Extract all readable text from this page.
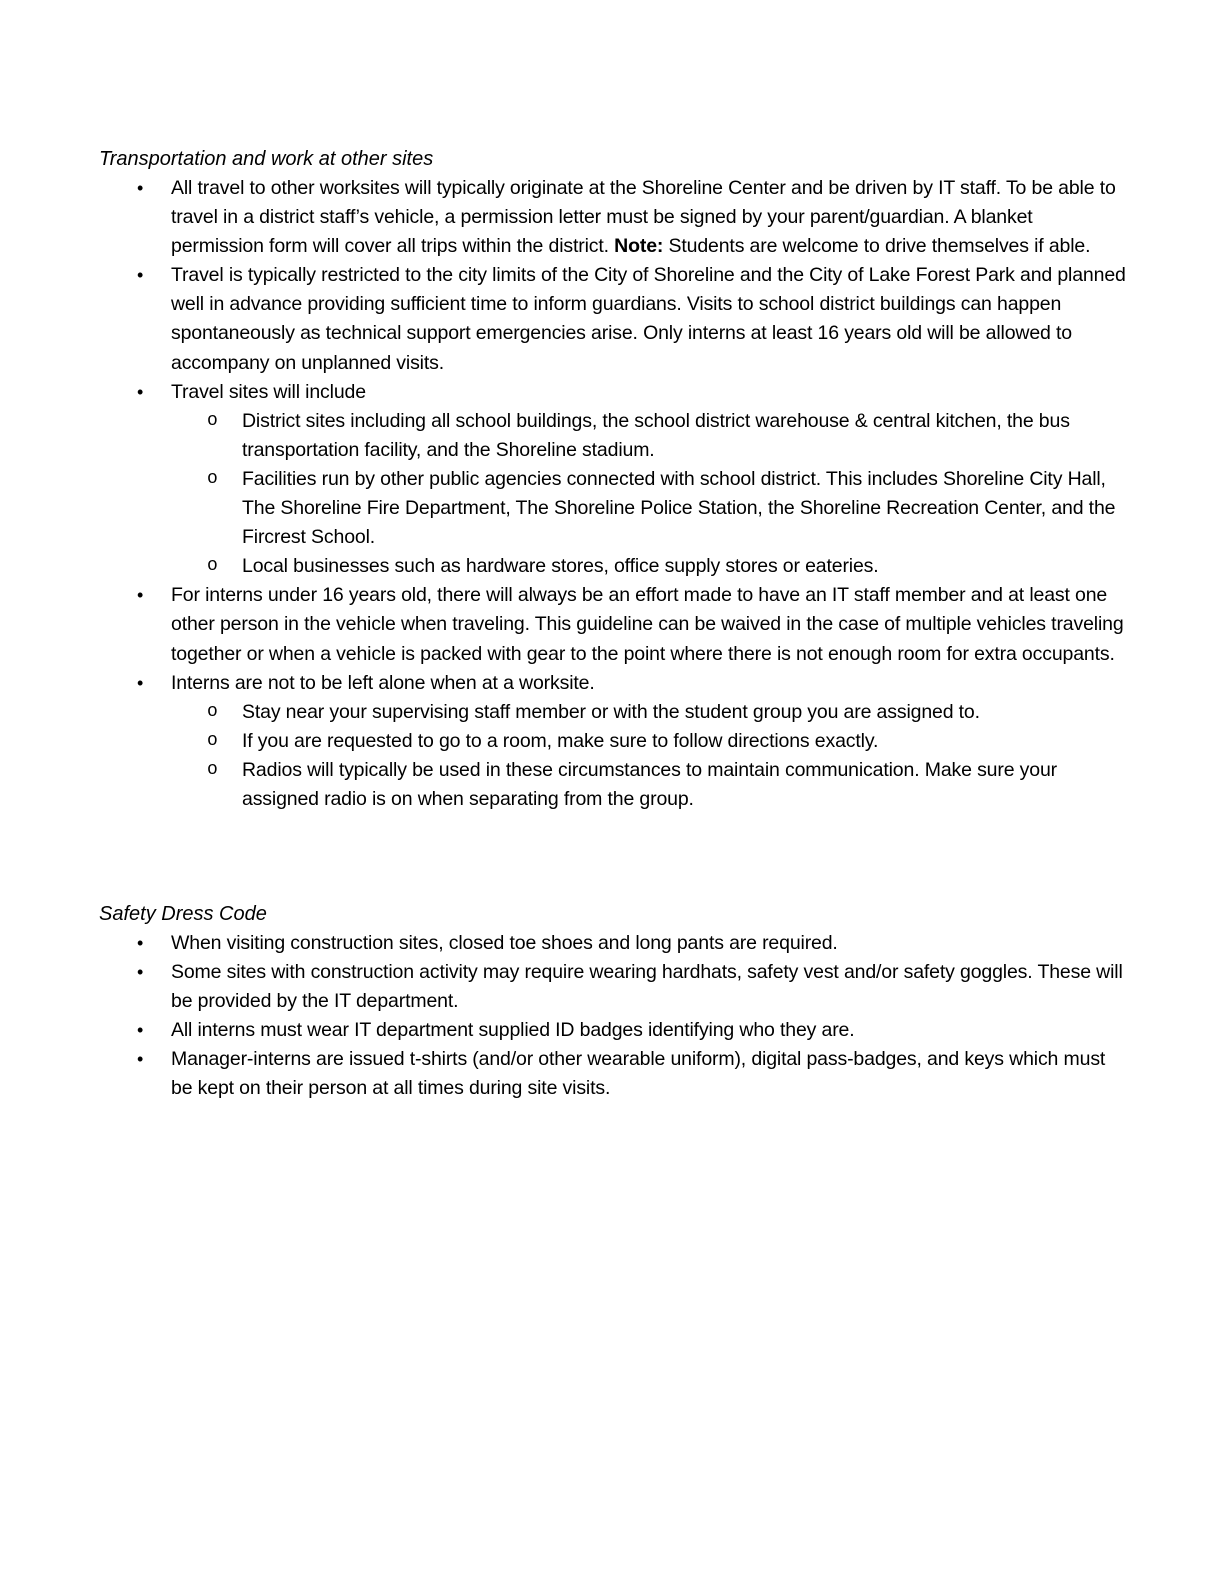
Transportation and work at other sites

• All travel to other worksites will typically originate at the Shoreline Center and be driven by IT staff. To be able to travel in a district staff’s vehicle, a permission letter must be signed by your parent/guardian. A blanket permission form will cover all trips within the district. Note: Students are welcome to drive themselves if able.
• Travel is typically restricted to the city limits of the City of Shoreline and the City of Lake Forest Park and planned well in advance providing sufficient time to inform guardians. Visits to school district buildings can happen spontaneously as technical support emergencies arise. Only interns at least 16 years old will be allowed to accompany on unplanned visits.
• Travel sites will include
o District sites including all school buildings, the school district warehouse & central kitchen, the bus transportation facility, and the Shoreline stadium.
o Facilities run by other public agencies connected with school district. This includes Shoreline City Hall, The Shoreline Fire Department, The Shoreline Police Station, the Shoreline Recreation Center, and the Fircrest School.
o Local businesses such as hardware stores, office supply stores or eateries.
• For interns under 16 years old, there will always be an effort made to have an IT staff member and at least one other person in the vehicle when traveling. This guideline can be waived in the case of multiple vehicles traveling together or when a vehicle is packed with gear to the point where there is not enough room for extra occupants.
• Interns are not to be left alone when at a worksite.
o Stay near your supervising staff member or with the student group you are assigned to.
o If you are requested to go to a room, make sure to follow directions exactly.
o Radios will typically be used in these circumstances to maintain communication. Make sure your assigned radio is on when separating from the group.

Safety Dress Code

• When visiting construction sites, closed toe shoes and long pants are required.
• Some sites with construction activity may require wearing hardhats, safety vest and/or safety goggles. These will be provided by the IT department.
• All interns must wear IT department supplied ID badges identifying who they are.
• Manager-interns are issued t-shirts (and/or other wearable uniform), digital pass-badges, and keys which must be kept on their person at all times during site visits.
